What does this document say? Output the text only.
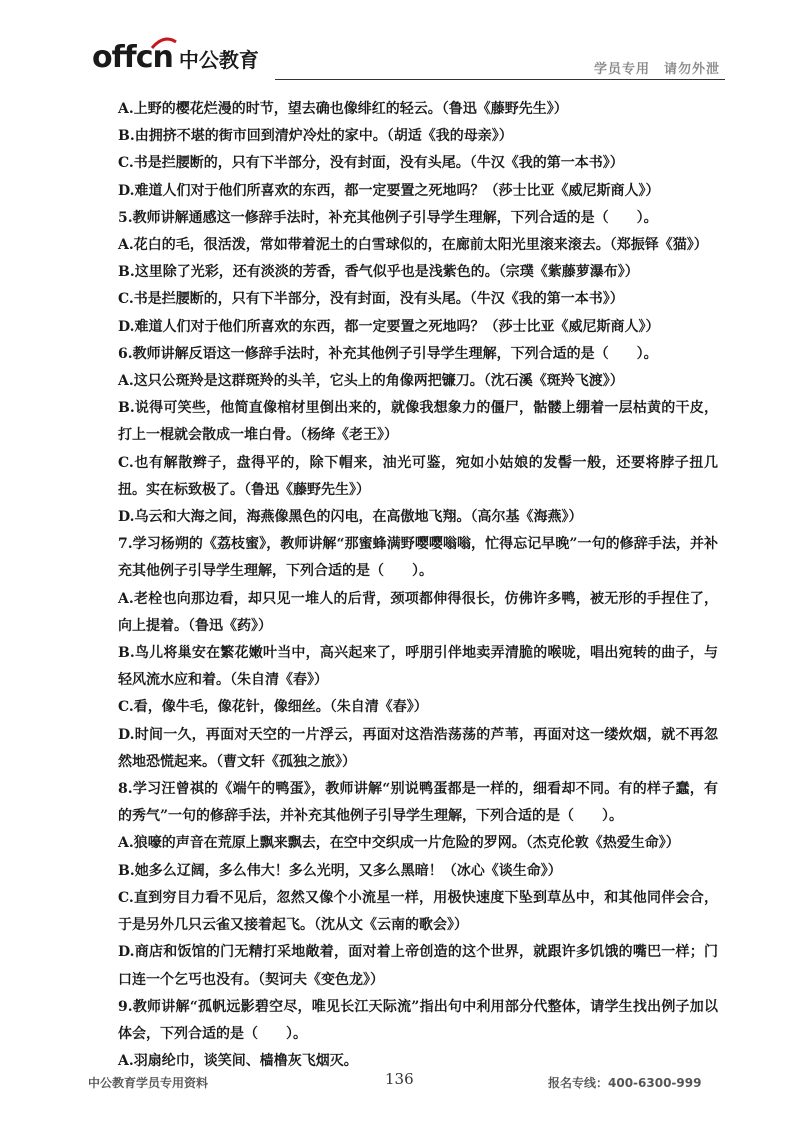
offcn 中公教育	学员专用 请勿外泄
A.上野的樱花烂漫的时节，望去确也像绯红的轻云。（鲁迅《藤野先生》）
B.由拥挤不堪的街市回到清炉冷灶的家中。（胡适《我的母亲》）
C.书是拦腰断的，只有下半部分，没有封面，没有头尾。（牛汉《我的第一本书》）
D.难道人们对于他们所喜欢的东西，都一定要置之死地吗？（莎士比亚《威尼斯商人》）
5.教师讲解通感这一修辞手法时，补充其他例子引导学生理解，下列合适的是（　　）。
A.花白的毛，很活泼，常如带着泥土的白雪球似的，在廊前太阳光里滚来滚去。（郑振铎《猫》）
B.这里除了光彩，还有淡淡的芳香，香气似乎也是浅紫色的。（宗璞《紫藤萝瀑布》）
C.书是拦腰断的，只有下半部分，没有封面，没有头尾。（牛汉《我的第一本书》）
D.难道人们对于他们所喜欢的东西，都一定要置之死地吗？（莎士比亚《威尼斯商人》）
6.教师讲解反语这一修辞手法时，补充其他例子引导学生理解，下列合适的是（　　）。
A.这只公斑羚是这群斑羚的头羊，它头上的角像两把镰刀。（沈石溪《斑羚飞渡》）
B.说得可笑些，他简直像棺材里倒出来的，就像我想象力的僵尸，骷髅上绷着一层枯黄的干皮，打上一棍就会散成一堆白骨。（杨绛《老王》）
C.也有解散辫子，盘得平的，除下帽来，油光可鉴，宛如小姑娘的发髻一般，还要将脖子扭几扭。实在标致极了。（鲁迅《藤野先生》）
D.乌云和大海之间，海燕像黑色的闪电，在高傲地飞翔。（高尔基《海燕》）
7.学习杨朔的《荔枝蜜》，教师讲解“那蜜蜂满野嘤嘤嗡嗡，忙得忘记早晚”一句的修辞手法，并补充其他例子引导学生理解，下列合适的是（　　）。
A.老栓也向那边看，却只见一堆人的后背，颈项都伸得很长，仿佛许多鸭，被无形的手捏住了，向上提着。（鲁迅《药》）
B.鸟儿将巢安在繁花嫩叶当中，高兴起来了，呼朋引伴地卖弄清脆的喉咙，唱出宛转的曲子，与轻风流水应和着。（朱自清《春》）
C.看，像牛毛，像花针，像细丝。（朱自清《春》）
D.时间一久，再面对天空的一片浮云，再面对这浩浩荡荡的芦苇，再面对这一缕炊烟，就不再忽然地恐慌起来。（曹文轩《孤独之旅》）
8.学习汪曾祺的《端午的鸭蛋》，教师讲解“别说鸭蛋都是一样的，细看却不同。有的样子蠢，有的秀气”一句的修辞手法，并补充其他例子引导学生理解，下列合适的是（　　）。
A.狼嚎的声音在荒原上飘来飘去，在空中交织成一片危险的罗网。（杰克伦敦《热爱生命》）
B.她多么辽阔，多么伟大！多么光明，又多么黑暗！（冰心《谈生命》）
C.直到穷目力看不见后，忽然又像个小流星一样，用极快速度下坠到草丛中，和其他同伴会合，于是另外几只云雀又接着起飞。（沈从文《云南的歌会》）
D.商店和饭馆的门无精打采地敞着，面对着上帝创造的这个世界，就跟许多饥饿的嘴巴一样；门口连一个乞丐也没有。（契诃夫《变色龙》）
9.教师讲解“孤帆远影碧空尽，唯见长江天际流”指出句中利用部分代整体，请学生找出例子加以体会，下列合适的是（　　）。
A.羽扇纶巾，谈笑间、樯橹灰飞烟灭。
中公教育学员专用资料	136	报名专线：400-6300-999
